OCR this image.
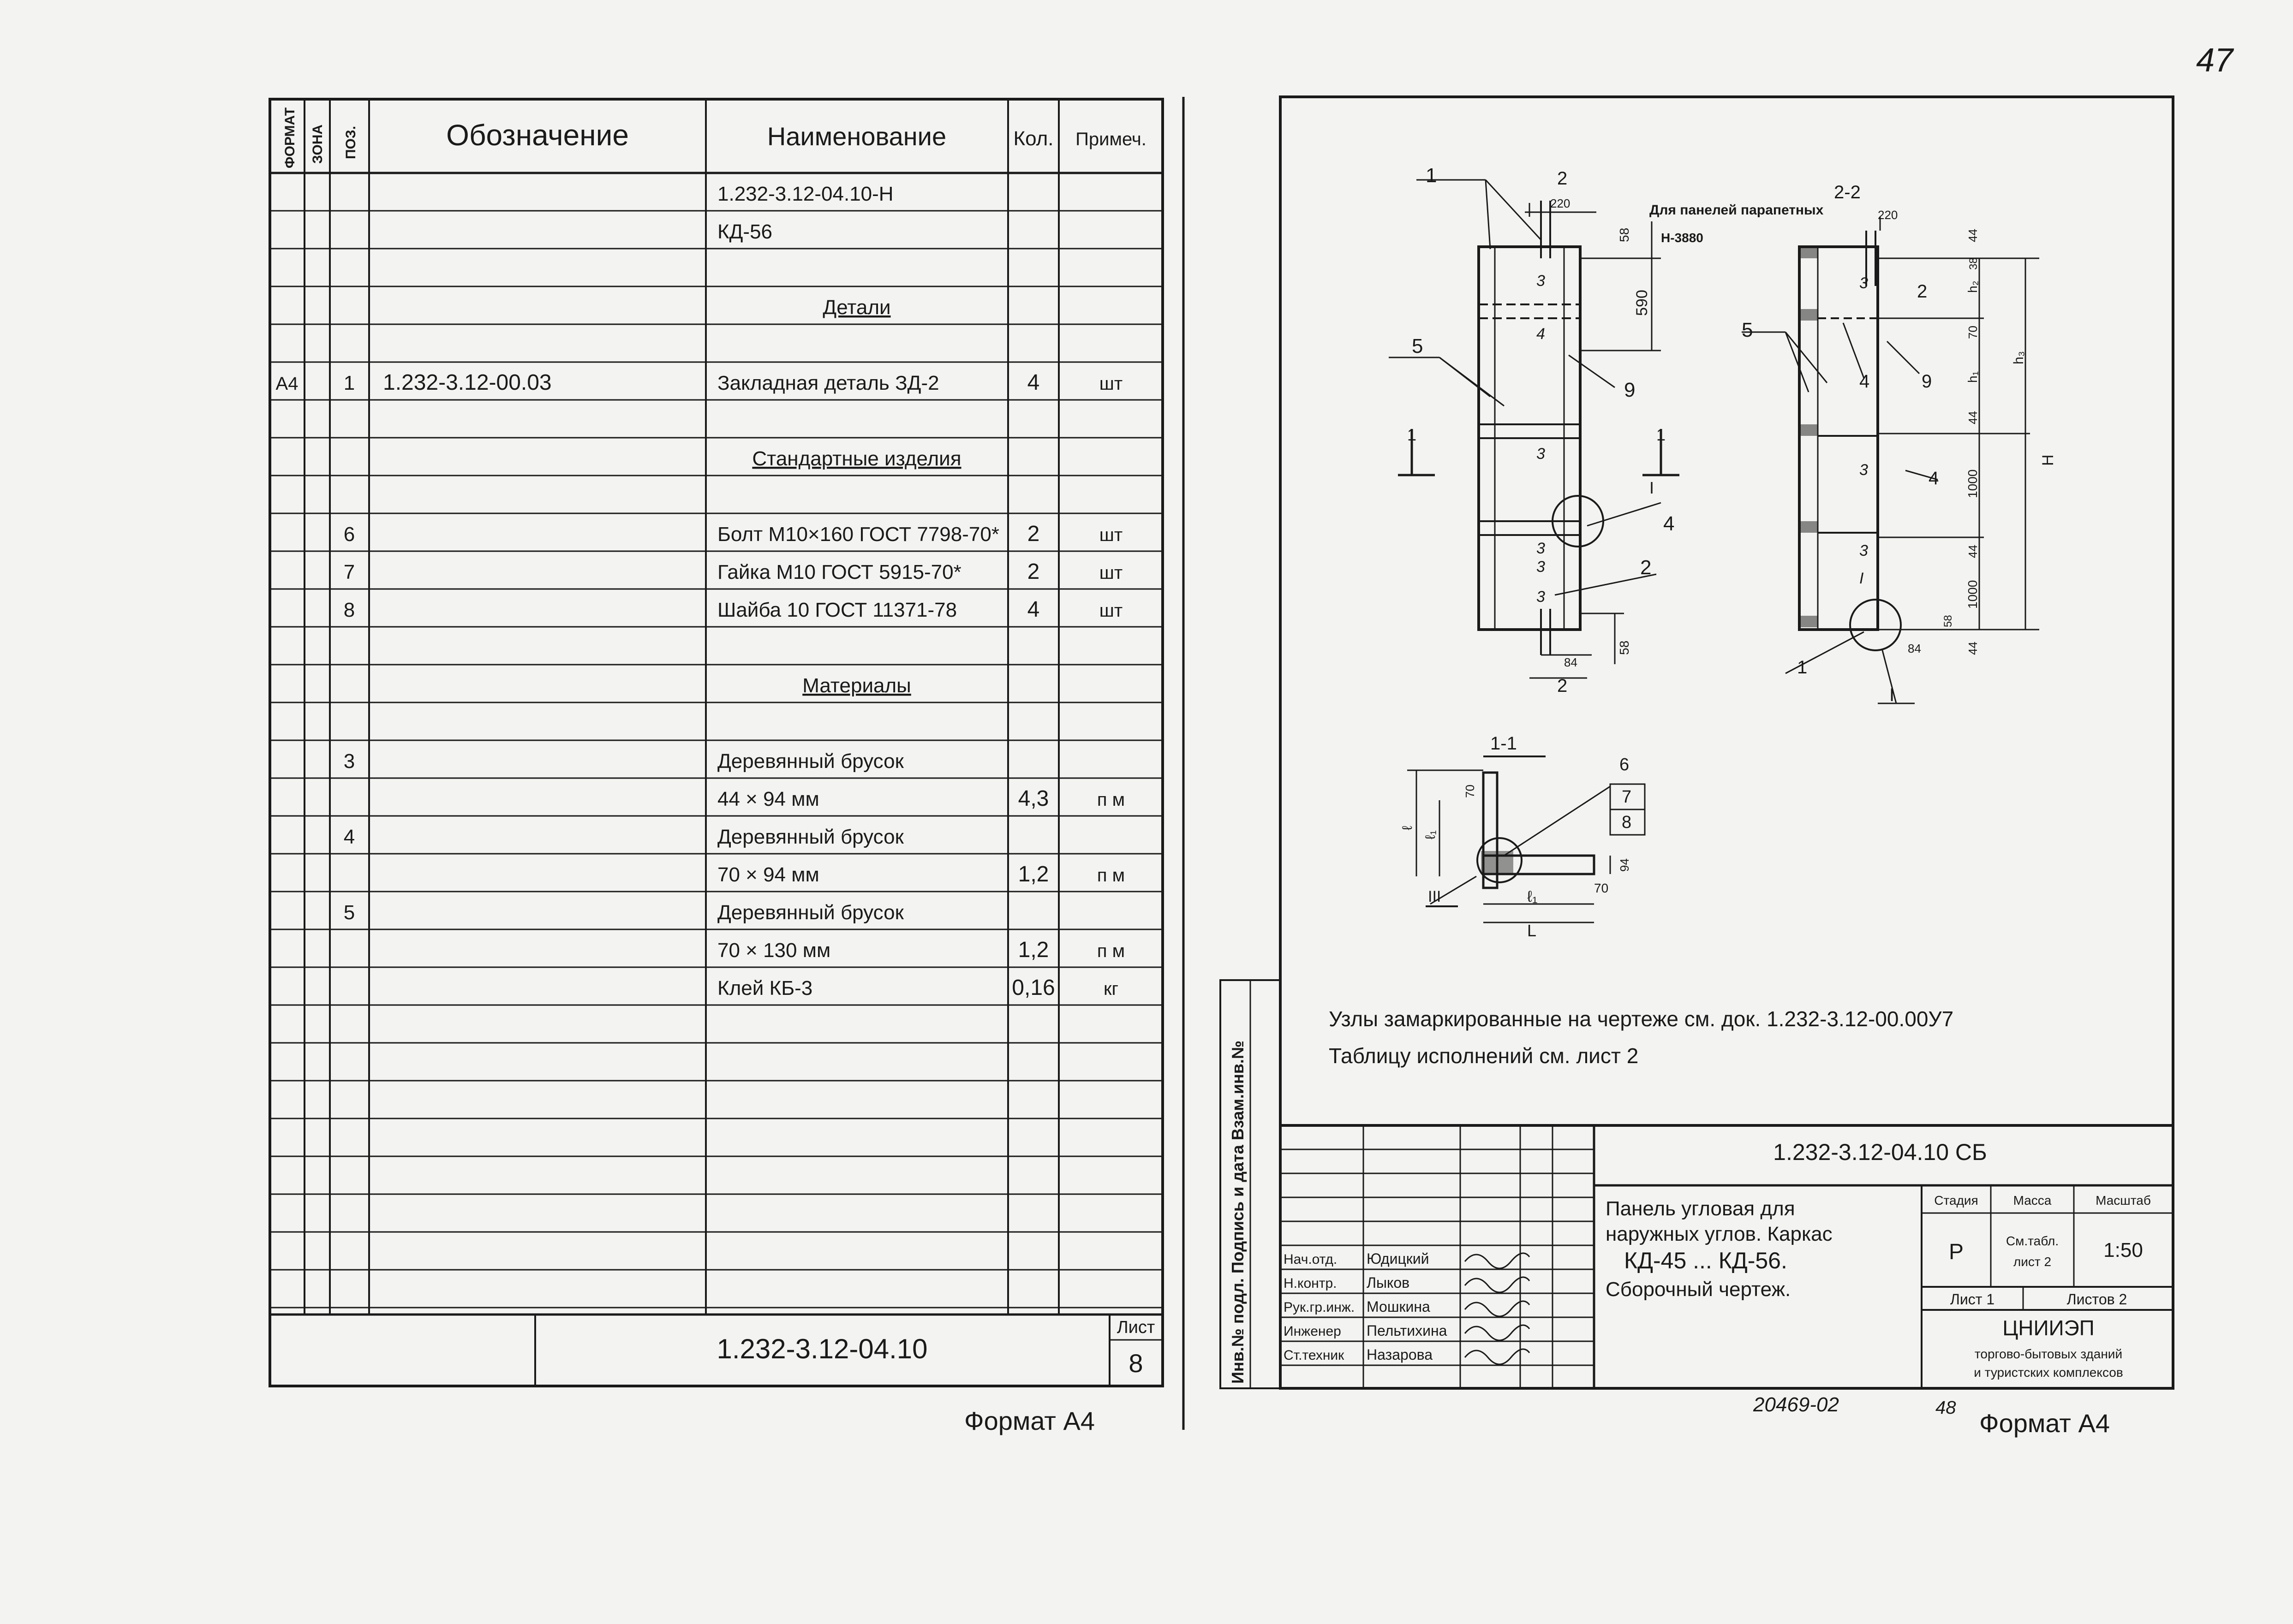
47
ФОРМАТ ЗОНА ПОЗ.	Обозначение	Наименование	Кол. Примеч.
1.232-3.12-04.10-Н
КД-56
Детали
А4 1 1.232-3.12-00.03	Закладная деталь ЗД-2	4	шт
Стандартные изделия
6	Болт М10×160 ГОСТ 7798-70* 2	шт
7	Гайка М10 ГОСТ 5915-70*	2	шт
8	Шайба 10 ГОСТ 11371-78	4	шт
Материалы
3	Деревянный брусок
44 × 94 мм	4,3	п м
4	Деревянный брусок
70 × 94 мм	1,2	п м
5	Деревянный брусок
70 × 130 мм	1,2	п м
Клей КБ-3	0,16	кг
1.232-3.12-04.10
Лист
8
Формат А4
Инв.№ подл. Подпись и дата Взам.инв.№
1	2
5
9
4
2
2
1	1
I
Для панелей парапетных
Н-3880
220
58
590
58
84
3
4
3
3
3
3
2-2
5
2
4	9
4
1
I
220
84
44
38
h₂
70
h₁
44
1000
44
1000
58
44
h₃
Н
3
3
3
I
1-1
6
7
8
III
L
ℓ₁
70
70
94
ℓ
ℓ₁
Узлы замаркированные на чертеже см. док. 1.232-3.12-00.00У7
Таблицу исполнений см. лист 2
Нач.отд. Юдицкий
Н.контр. Лыков
Рук.гр.инж. Мошкина
Инженер Пельтихина
Ст.техник Назарова
1.232-3.12-04.10 СБ
Панель угловая для
наружных углов. Каркас
КД-45 ... КД-56.
Сборочный чертеж.
Стадия	Масса	Масштаб
Р	См.табл.
лист 2
1:50
Лист 1	Листов 2
ЦНИИЭП
торгово-бытовых зданий
и туристских комплексов
20469-02	48
Формат А4
